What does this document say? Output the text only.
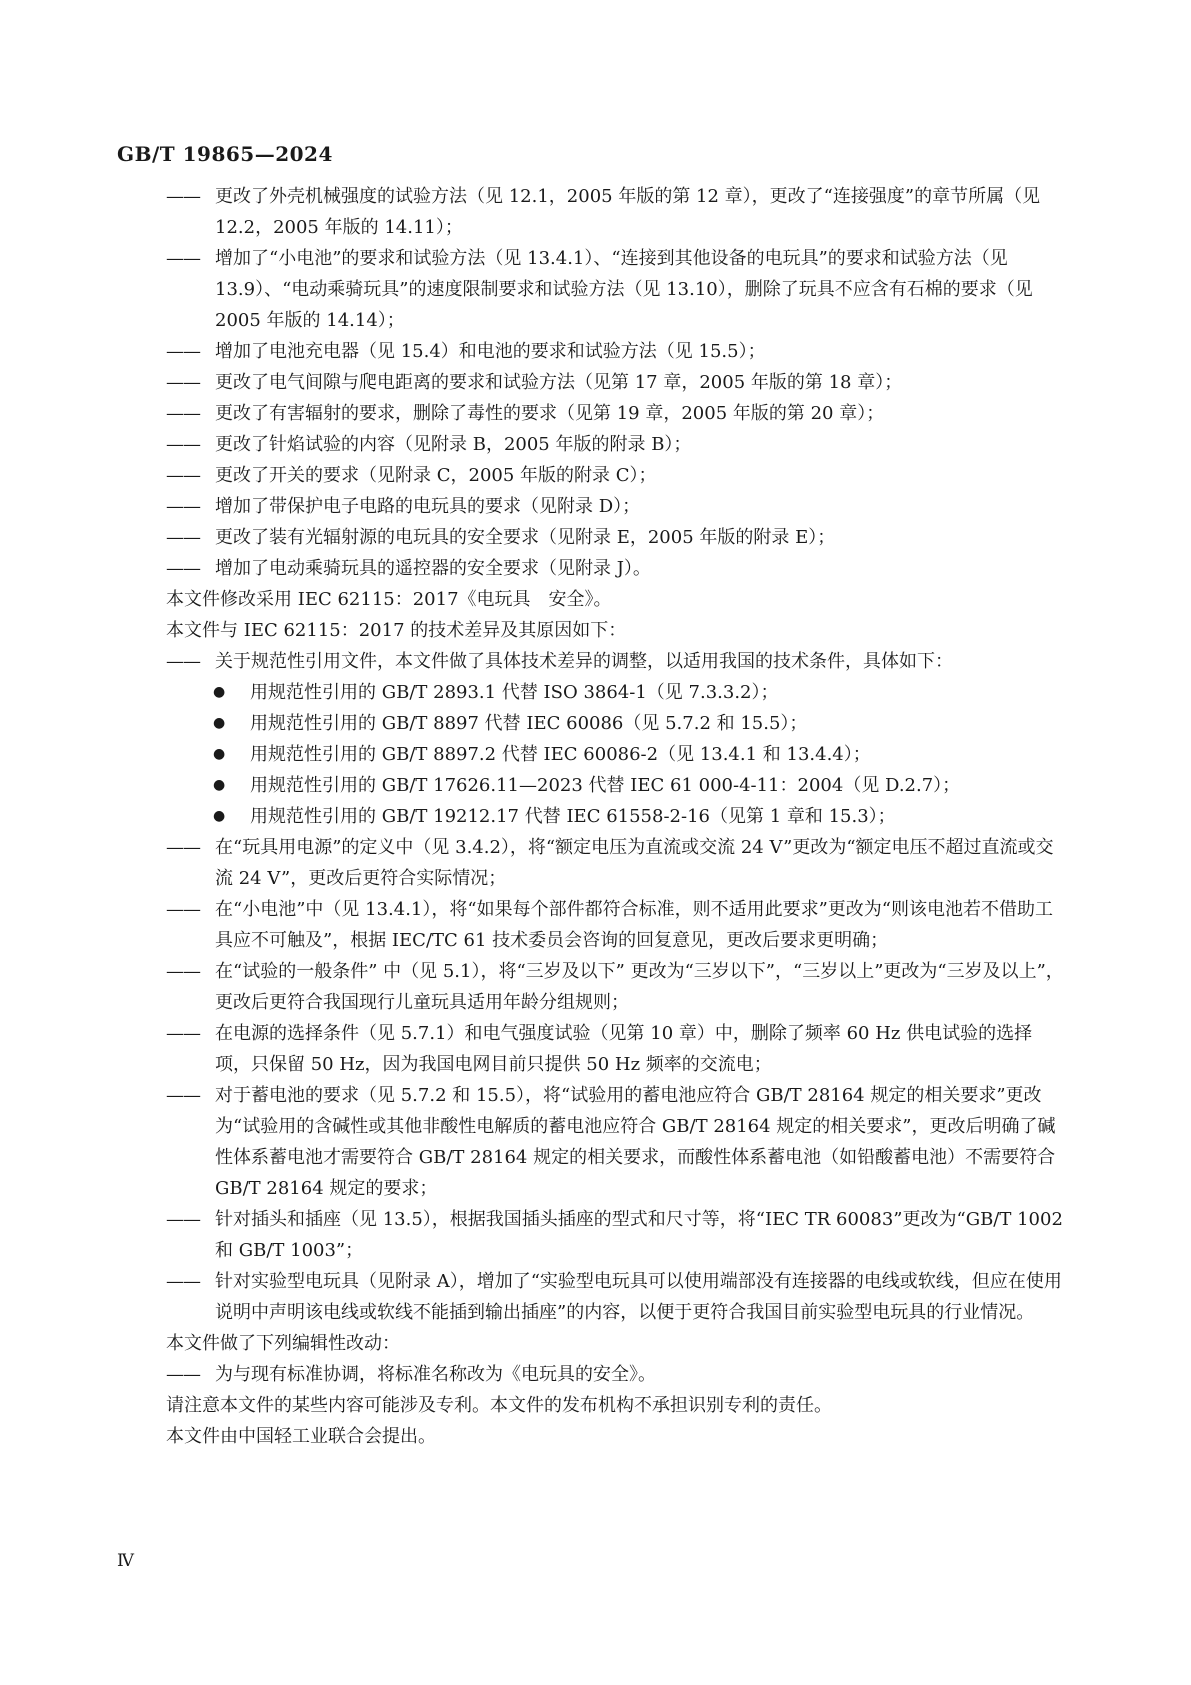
GB/T 19865—2024
—— 更改了外壳机械强度的试验方法（见 12.1，2005 年版的第 12 章），更改了“连接强度”的章节所属（见 12.2，2005 年版的 14.11）；
—— 增加了“小电池”的要求和试验方法（见 13.4.1）、“连接到其他设备的电玩具”的要求和试验方法（见 13.9）、“电动乘骑玩具”的速度限制要求和试验方法（见 13.10），删除了玩具不应含有石棉的要求（见 2005 年版的 14.14）；
—— 增加了电池充电器（见 15.4）和电池的要求和试验方法（见 15.5）；
—— 更改了电气间隙与爬电距离的要求和试验方法（见第 17 章，2005 年版的第 18 章）；
—— 更改了有害辐射的要求，删除了毒性的要求（见第 19 章，2005 年版的第 20 章）；
—— 更改了针焰试验的内容（见附录 B，2005 年版的附录 B）；
—— 更改了开关的要求（见附录 C，2005 年版的附录 C）；
—— 增加了带保护电子电路的电玩具的要求（见附录 D）；
—— 更改了装有光辐射源的电玩具的安全要求（见附录 E，2005 年版的附录 E）；
—— 增加了电动乘骑玩具的遥控器的安全要求（见附录 J）。
本文件修改采用 IEC 62115：2017《电玩具　安全》。
本文件与 IEC 62115：2017 的技术差异及其原因如下：
—— 关于规范性引用文件，本文件做了具体技术差异的调整，以适用我国的技术条件，具体如下：
● 用规范性引用的 GB/T 2893.1 代替 ISO 3864-1（见 7.3.3.2）；
● 用规范性引用的 GB/T 8897 代替 IEC 60086（见 5.7.2 和 15.5）；
● 用规范性引用的 GB/T 8897.2 代替 IEC 60086-2（见 13.4.1 和 13.4.4）；
● 用规范性引用的 GB/T 17626.11—2023 代替 IEC 61 000-4-11：2004（见 D.2.7）；
● 用规范性引用的 GB/T 19212.17 代替 IEC 61558-2-16（见第 1 章和 15.3）；
—— 在“玩具用电源”的定义中（见 3.4.2），将“额定电压为直流或交流 24 V”更改为“额定电压不超过直流或交流 24 V”，更改后更符合实际情况；
—— 在“小电池”中（见 13.4.1），将“如果每个部件都符合标准，则不适用此要求”更改为“则该电池若不借助工具应不可触及”，根据 IEC/TC 61 技术委员会咨询的回复意见，更改后要求更明确；
—— 在“试验的一般条件” 中（见 5.1），将“三岁及以下” 更改为“三岁以下”，“三岁以上”更改为“三岁及以上”，更改后更符合我国现行儿童玩具适用年龄分组规则；
—— 在电源的选择条件（见 5.7.1）和电气强度试验（见第 10 章）中，删除了频率 60 Hz 供电试验的选择项，只保留 50 Hz，因为我国电网目前只提供 50 Hz 频率的交流电；
—— 对于蓄电池的要求（见 5.7.2 和 15.5），将“试验用的蓄电池应符合 GB/T 28164 规定的相关要求”更改为“试验用的含碱性或其他非酸性电解质的蓄电池应符合 GB/T 28164 规定的相关要求”，更改后明确了碱性体系蓄电池才需要符合 GB/T 28164 规定的相关要求，而酸性体系蓄电池（如铅酸蓄电池）不需要符合 GB/T 28164 规定的要求；
—— 针对插头和插座（见 13.5），根据我国插头插座的型式和尺寸等，将“IEC TR 60083”更改为“GB/T 1002 和 GB/T 1003”；
—— 针对实验型电玩具（见附录 A），增加了“实验型电玩具可以使用端部没有连接器的电线或软线，但应在使用说明中声明该电线或软线不能插到输出插座”的内容，以便于更符合我国目前实验型电玩具的行业情况。
本文件做了下列编辑性改动：
—— 为与现有标准协调，将标准名称改为《电玩具的安全》。
请注意本文件的某些内容可能涉及专利。本文件的发布机构不承担识别专利的责任。
本文件由中国轻工业联合会提出。
Ⅳ
